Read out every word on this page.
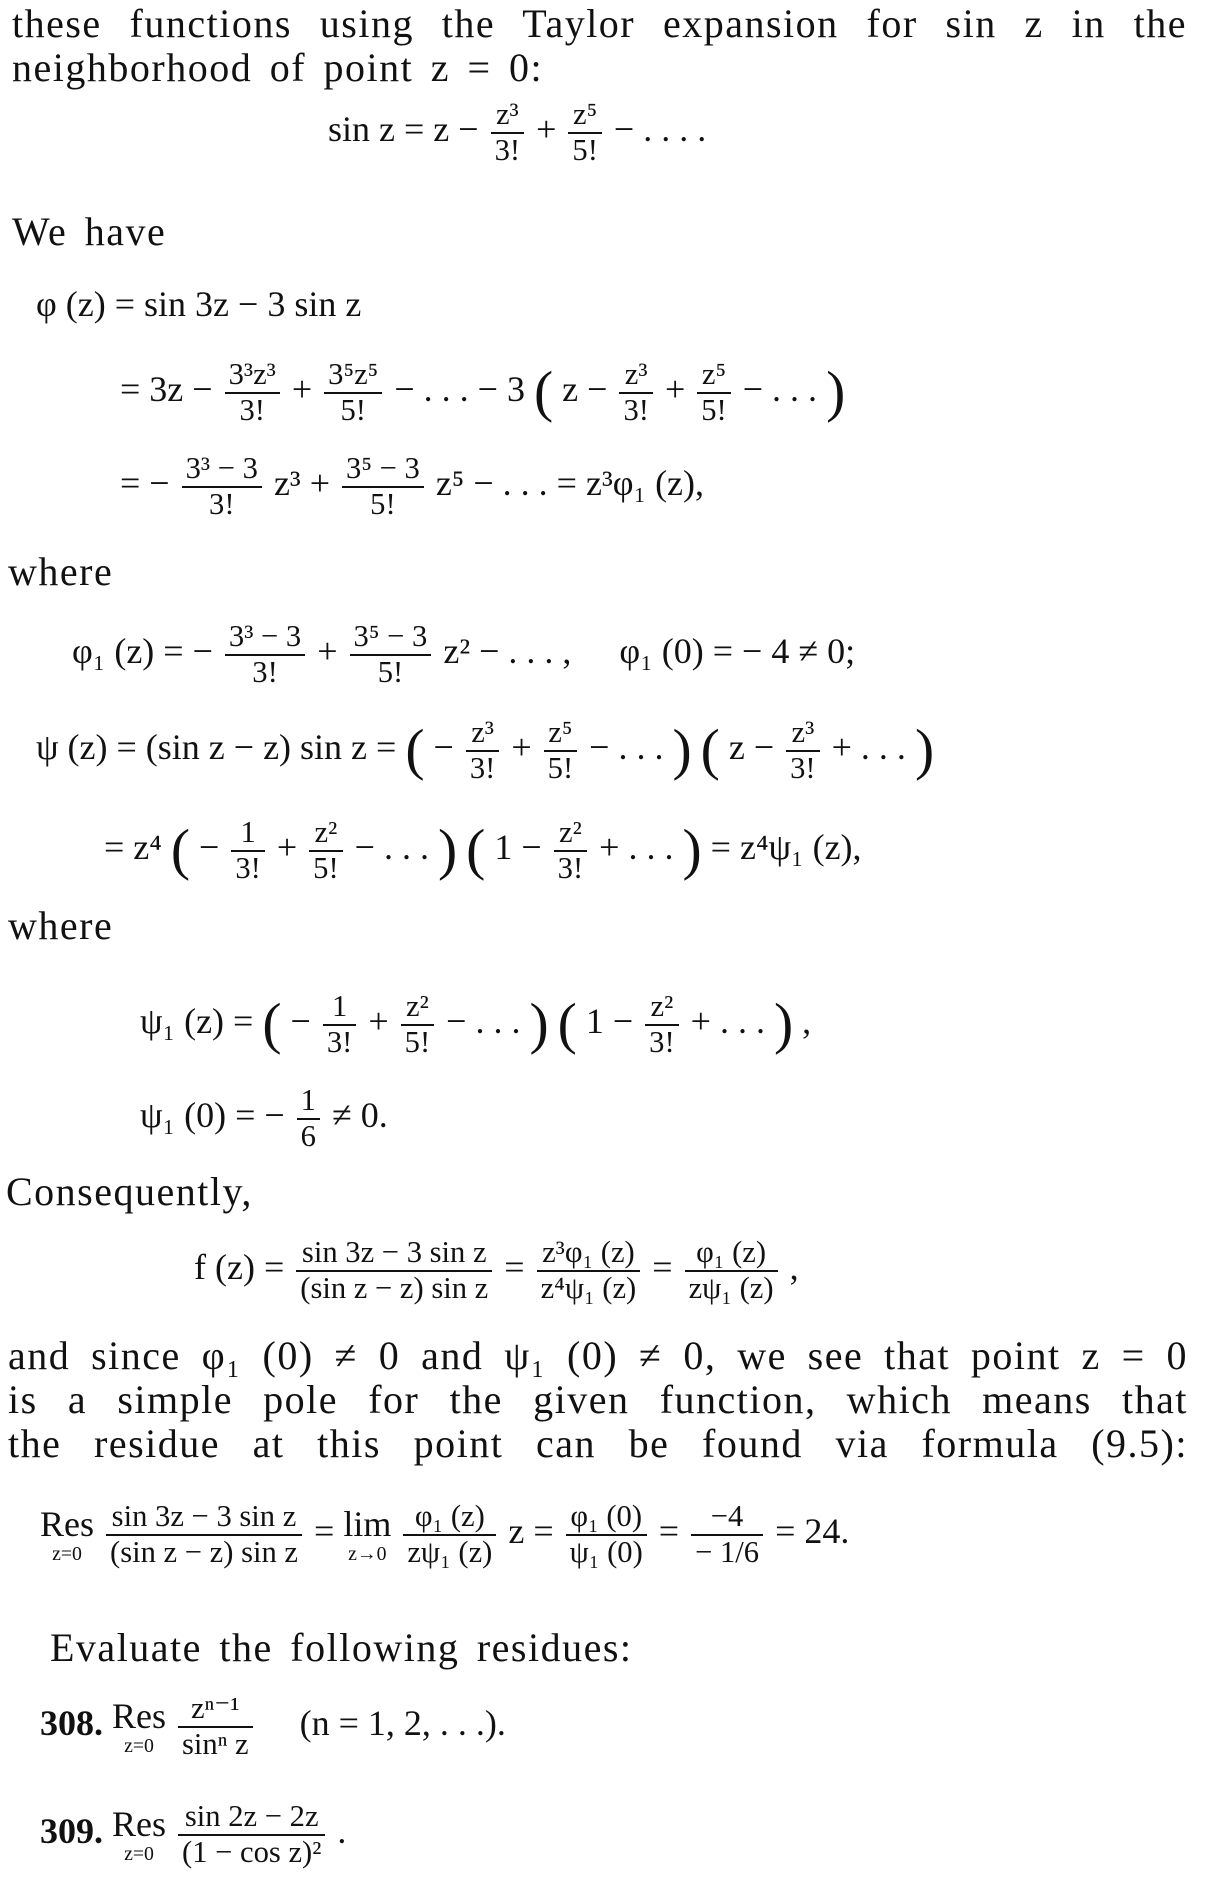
these functions using the Taylor expansion for sin z in the
neighborhood of point z = 0:
$\sin z = z - \frac{\text{z³}}{3!} + \frac{\text{z⁵}}{5!}$ − . . . .
We have
φ (z) = sin 3z − 3 sin z
= $3z - \frac{\text{3³z³}}{3!} + \frac{\text{3⁵z⁵}}{5!}$ − . . . − 3 ( $z - \frac{\text{z³}}{3!} + \frac{\text{z⁵}}{5!}$ − . . . )
= − $\frac{\text{3³ − 3}}{3!} z^3 + \frac{\text{3⁵ − 3}}{5!} z^5$ − . . . = z³φ₁ (z),
where
φ₁ (z) = − $\frac{\text{3³ − 3}}{3!} + \frac{\text{3⁵ − 3}}{5!} z^2$ − . . . , φ₁ (0) = − 4 ≠ 0;
ψ (z) = (sin z − z) sin z = ( − $\frac{\text{z³}}{3!} + \frac{\text{z⁵}}{5!}$ − . . . ) ( $z - \frac{\text{z³}}{3!}$ + . . . )
= z⁴ ( − $\frac{1}{3!} + \frac{\text{z²}}{5!}$ − . . . ) ( $1 - \frac{\text{z²}}{3!}$ + . . . ) = z⁴ψ₁ (z),
where
ψ₁ (z) = ( − $\frac{1}{3!} + \frac{\text{z²}}{5!}$ − . . . ) ( $1 - \frac{\text{z²}}{3!}$ + . . . ) ,
ψ₁ (0) = − $\frac{1}{6} \ne 0$.
Consequently,
f $(z) = \frac{\text{sin 3z − 3 sin z}}{\text{(sin z − z) sin z}} = \frac{\text{z³φ₁ (z)}}{\text{z⁴ψ₁ (z)}} = \frac{\text{φ₁ (z)}}{\text{zψ₁ (z)}}$ ,
and since φ₁ (0) ≠ 0 and ψ₁ (0) ≠ 0, we see that point z = 0
is a simple pole for the given function, which means that
the residue at this point can be found via formula (9.5):
Res
z=0
$\frac{\text{sin 3z − 3 sin z}}{\text{(sin z − z) sin z}} = \lim$
z→0
$\frac{\text{φ₁ (z)}}{\text{zψ₁ (z)}}$ $z = \frac{\text{φ₁ (0)}}{\text{ψ₁ (0)}} = \frac{-4}{- 1/6} = 24$.
Evaluate the following residues:
308. Res
z=0
$\frac{\text{zⁿ⁻¹}}{\text{sinⁿ z}} (n = 1$, 2, . . .).
309. Res
z=0
$\frac{\sin 2z - 2z}{\text{(1 − cos z)²}}$ .
